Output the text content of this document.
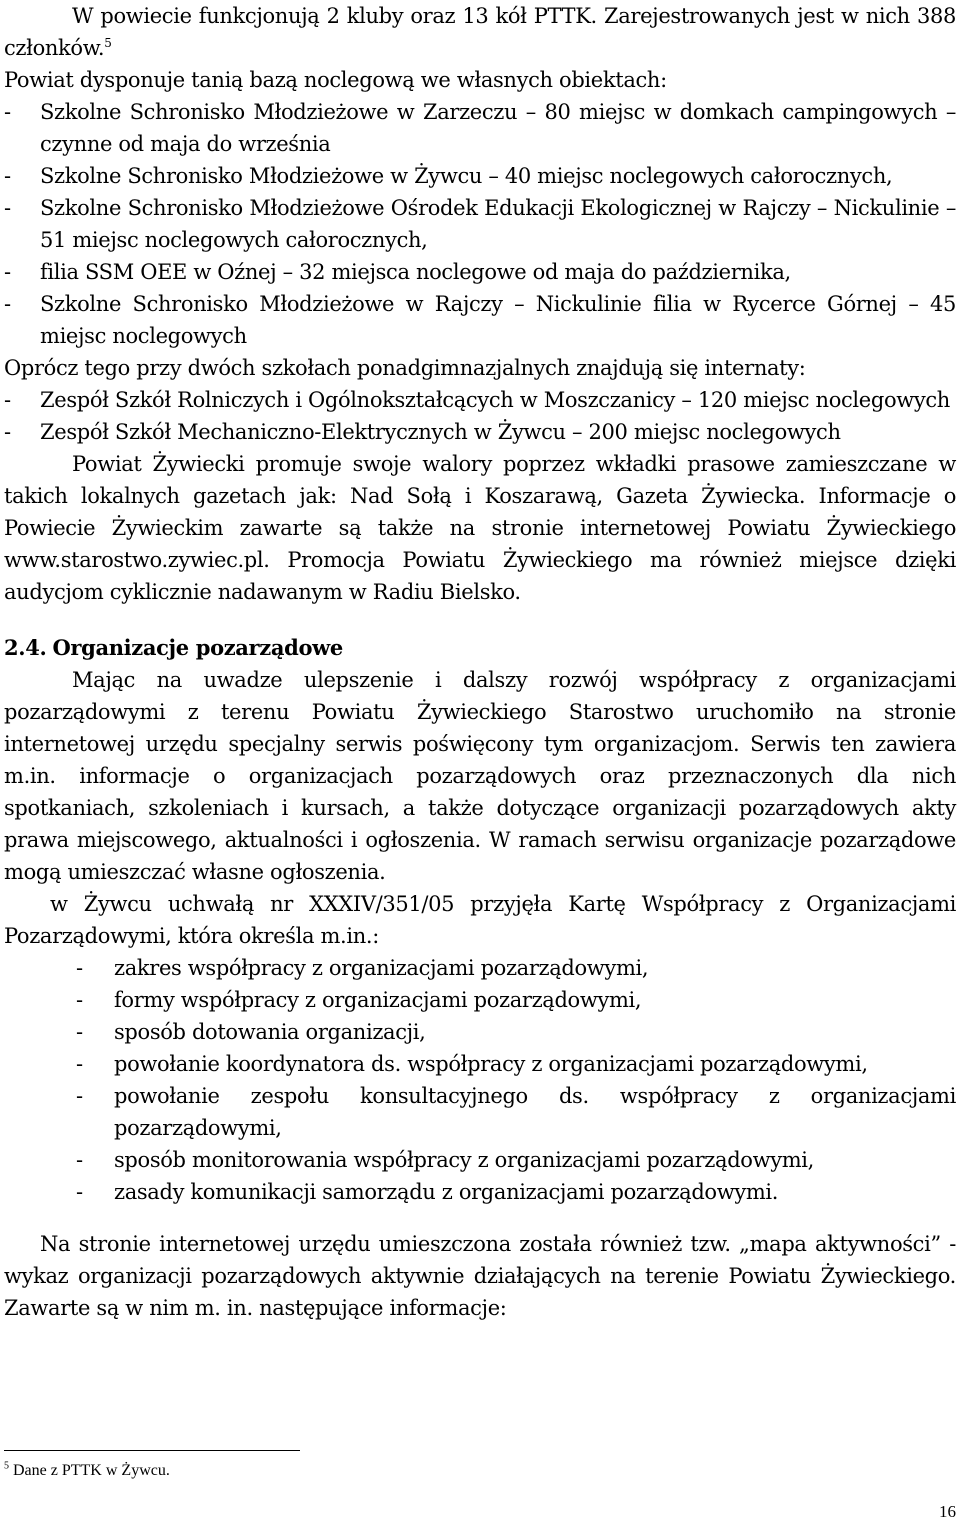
W powiecie funkcjonują 2 kluby oraz 13 kół PTTK. Zarejestrowanych jest w nich 388 członków.$^5$

Powiat dysponuje tanią bazą noclegową we własnych obiektach:

-	Szkolne Schronisko Młodzieżowe w Zarzeczu – 80 miejsc w domkach campingowych – czynne od maja do września
-	Szkolne Schronisko Młodzieżowe w Żywcu – 40 miejsc noclegowych całorocznych,
-	Szkolne Schronisko Młodzieżowe Ośrodek Edukacji Ekologicznej w Rajczy – Nickulinie – 51 miejsc noclegowych całorocznych,
-	filia SSM OEE w Oźnej – 32 miejsca noclegowe od maja do października,
-	Szkolne Schronisko Młodzieżowe w Rajczy – Nickulinie filia w Rycerce Górnej – 45 miejsc noclegowych

Oprócz tego przy dwóch szkołach ponadgimnazjalnych znajdują się internaty:

-	Zespół Szkół Rolniczych i Ogólnokształcących w Moszczanicy – 120 miejsc noclegowych
-	Zespół Szkół Mechaniczno-Elektrycznych w Żywcu – 200 miejsc noclegowych

Powiat Żywiecki promuje swoje walory poprzez wkładki prasowe zamieszczane w takich lokalnych gazetach jak: Nad Sołą i Koszarawą, Gazeta Żywiecka. Informacje o Powiecie Żywieckim zawarte są także na stronie internetowej Powiatu Żywieckiego www.starostwo.zywiec.pl. Promocja Powiatu Żywieckiego ma również miejsce dzięki audycjom cyklicznie nadawanym w Radiu Bielsko.

2.4. Organizacje pozarządowe

Mając na uwadze ulepszenie i dalszy rozwój współpracy z organizacjami pozarządowymi z terenu Powiatu Żywieckiego Starostwo uruchomiło na stronie internetowej urzędu specjalny serwis poświęcony tym organizacjom. Serwis ten zawiera m.in. informacje o organizacjach pozarządowych oraz przeznaczonych dla nich spotkaniach, szkoleniach i kursach, a także dotyczące organizacji pozarządowych akty prawa miejscowego, aktualności i ogłoszenia. W ramach serwisu organizacje pozarządowe mogą umieszczać własne ogłoszenia.

w Żywcu uchwałą nr XXXIV/351/05 przyjęła Kartę Współpracy z Organizacjami Pozarządowymi, która określa m.in.:

-	zakres współpracy z organizacjami pozarządowymi,
-	formy współpracy z organizacjami pozarządowymi,
-	sposób dotowania organizacji,
-	powołanie koordynatora ds. współpracy z organizacjami pozarządowymi,
-	powołanie zespołu konsultacyjnego ds. współpracy z organizacjami pozarządowymi,
-	sposób monitorowania współpracy z organizacjami pozarządowymi,
-	zasady komunikacji samorządu z organizacjami pozarządowymi.

Na stronie internetowej urzędu umieszczona została również tzw. „mapa aktywności” - wykaz organizacji pozarządowych aktywnie działających na terenie Powiatu Żywieckiego. Zawarte są w nim m. in. następujące informacje:

$^5$ Dane z PTTK w Żywcu.
16
